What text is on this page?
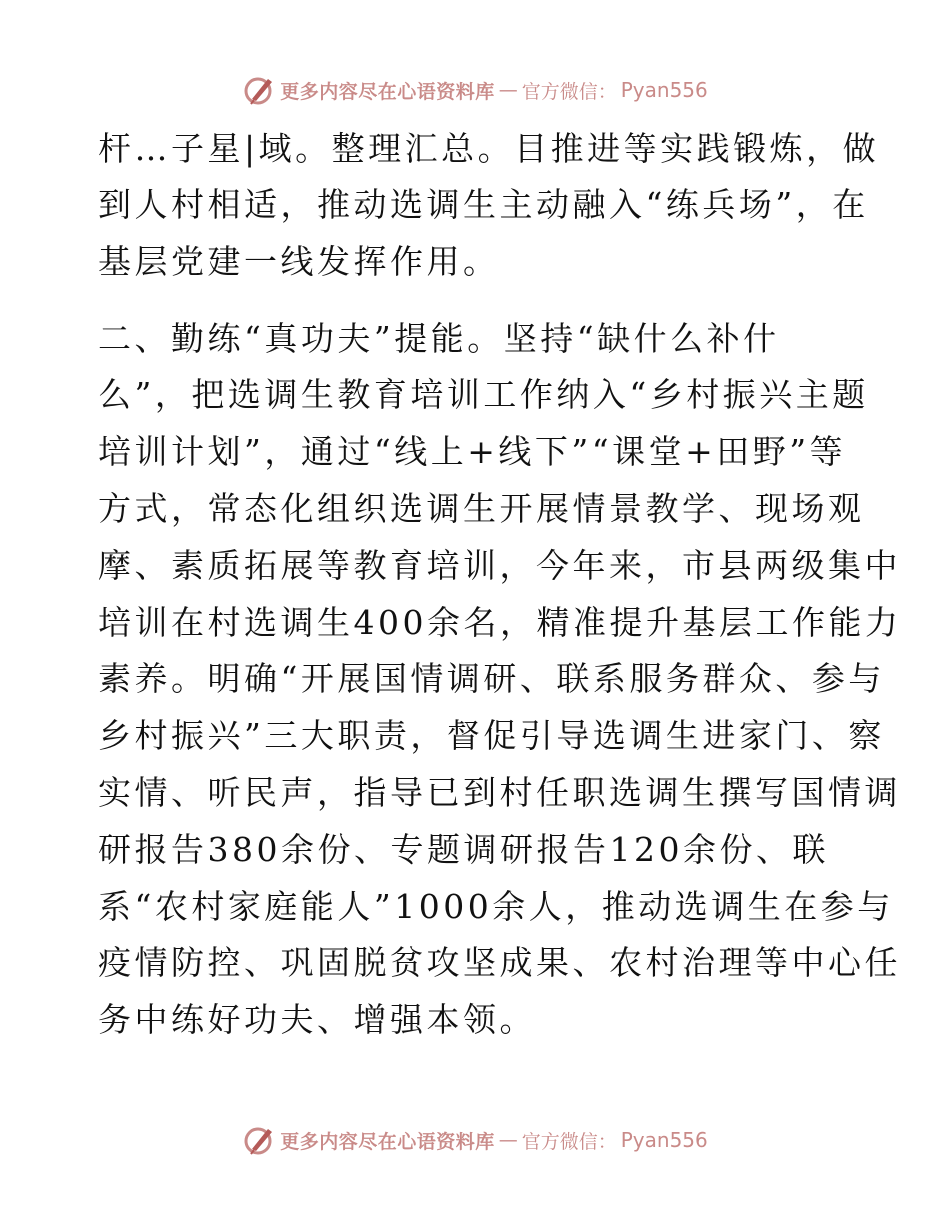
更多内容尽在心语资料库 — 官方微信： Pyan556
杆…子星|域。整理汇总。目推进等实践锻炼，做
到人村相适，推动选调生主动融入“练兵场”，在
基层党建一线发挥作用。
二、勤练“真功夫”提能。坚持“缺什么补什
么”，把选调生教育培训工作纳入“乡村振兴主题
培训计划”，通过“线上+线下”“课堂+田野”等
方式，常态化组织选调生开展情景教学、现场观
摩、素质拓展等教育培训，今年来，市县两级集中
培训在村选调生400余名，精准提升基层工作能力
素养。明确“开展国情调研、联系服务群众、参与
乡村振兴”三大职责，督促引导选调生进家门、察
实情、听民声，指导已到村任职选调生撰写国情调
研报告380余份、专题调研报告120余份、联
系“农村家庭能人”1000余人，推动选调生在参与
疫情防控、巩固脱贫攻坚成果、农村治理等中心任
务中练好功夫、增强本领。
更多内容尽在心语资料库 — 官方微信： Pyan556
